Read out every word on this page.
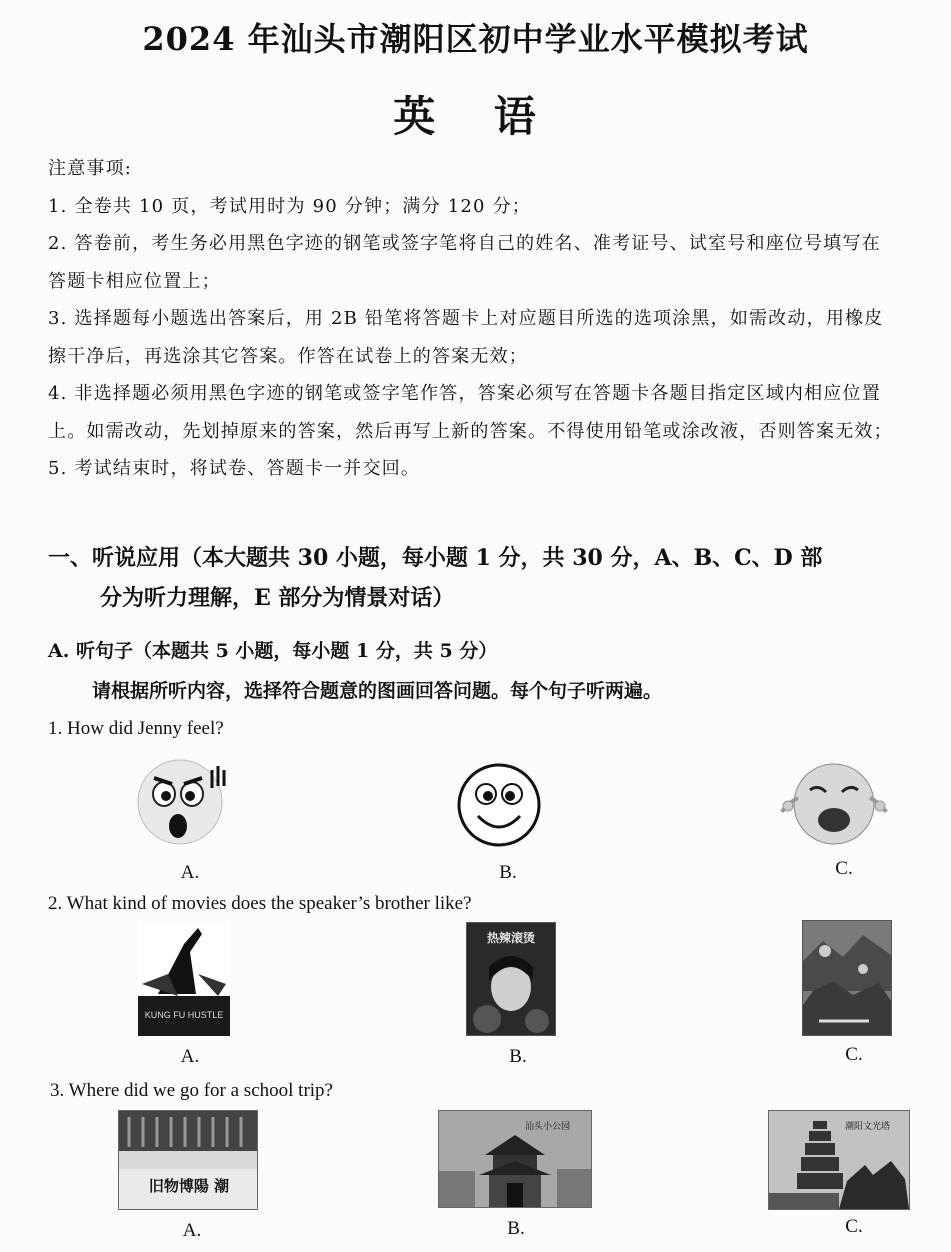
2024 年汕头市潮阳区初中学业水平模拟考试
英 语

注意事项:

1. 全卷共 10 页，考试用时为 90 分钟；满分 120 分；

2. 答卷前，考生务必用黑色字迹的钢笔或签字笔将自己的姓名、准考证号、试室号和座位号填写在答题卡相应位置上；

3. 选择题每小题选出答案后，用 2B 铅笔将答题卡上对应题目所选的选项涂黑，如需改动，用橡皮擦干净后，再选涂其它答案。作答在试卷上的答案无效；

4. 非选择题必须用黑色字迹的钢笔或签字笔作答，答案必须写在答题卡各题目指定区域内相应位置上。如需改动，先划掉原来的答案，然后再写上新的答案。不得使用铅笔或涂改液，否则答案无效；

5. 考试结束时，将试卷、答题卡一并交回。

一、听说应用（本大题共 30 小题，每小题 1 分，共 30 分，A、B、C、D 部
分为听力理解，E 部分为情景对话）
A. 听句子（本题共 5 小题，每小题 1 分，共 5 分）
请根据所听内容，选择符合题意的图画回答问题。每个句子听两遍。
1. How did Jenny feel?
A.	B.	C.
2. What kind of movies does the speaker’s brother like?
KUNG FU HUSTLE
热辣滚烫
A.	B.	C.
3. Where did we go for a school trip?
旧物博陽 潮
汕头小公园	潮阳文光塔
A.	B.	C.
